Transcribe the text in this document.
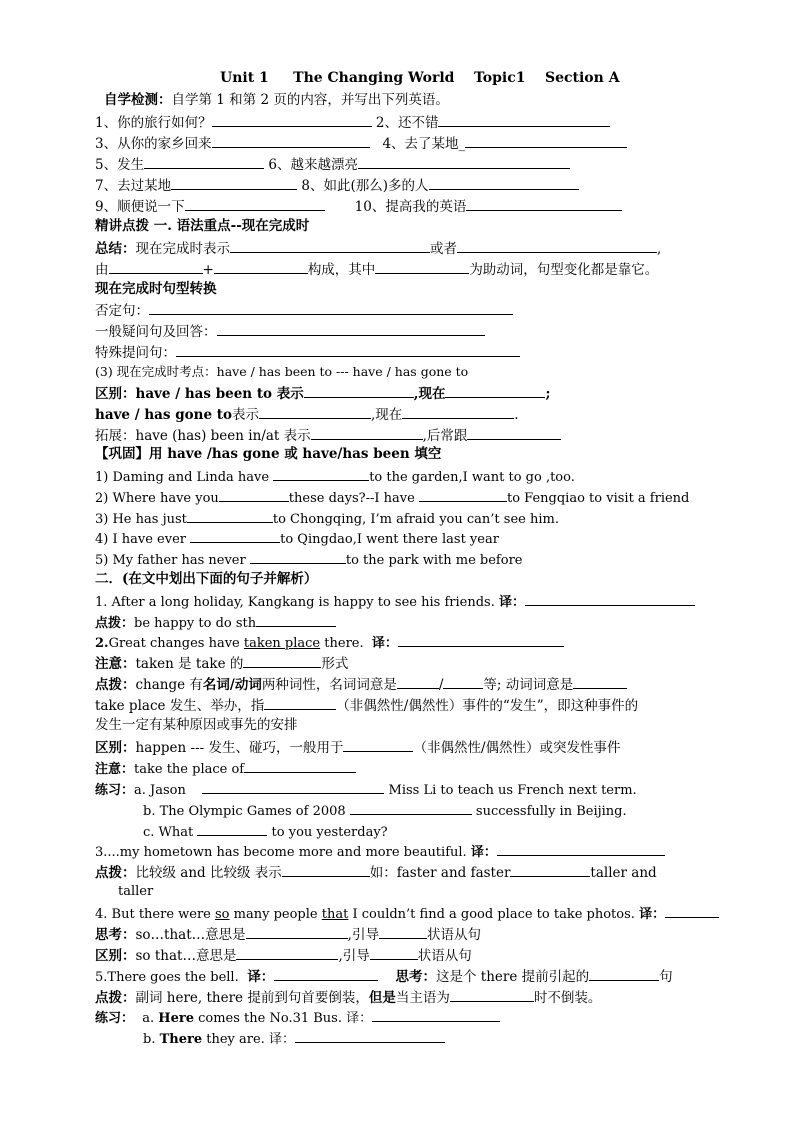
Unit 1     The Changing World    Topic1    Section A
自学检测：自学第 1 和第 2 页的内容，并写出下列英语。
1、你的旅行如何？	2、还不错
3、从你的家乡回来	4、去了某地_
5、发生	6、越来越漂亮
7、去过某地	8、如此(那么)多的人
9、顺便说一下	10、提高我的英语
精讲点拨 一. 语法重点--现在完成时
总结：现在完成时表示	或者	,
由	+	构成，其中	为助动词，句型变化都是靠它。
现在完成时句型转换
否定句：
一般疑问句及回答：
特殊提问句：
(3) 现在完成时考点：have / has been to --- have / has gone to
区别：have / has been to 表示	,现在	;
have / has gone to表示	,现在	.
拓展：have (has) been in/at 表示	,后常跟
【巩固】用 have /has gone 或 have/has been 填空
1) Daming and Linda have	to the garden,I want to go ,too.
2) Where have you	these days?--I have	to Fengqiao to visit a friend
3) He has just	to Chongqing, I’m afraid you can’t see him.
4) I have ever	to Qingdao,I went there last year
5) My father has never	to the park with me before
二．(在文中划出下面的句子并解析）
1. After a long holiday, Kangkang is happy to see his friends. 译：
点拨：be happy to do sth
2.Great changes have taken place there. 译：
注意：taken 是 take 的	形式
点拨：change 有名词/动词两种词性，名词词意是	/	等; 动词词意是
take place 发生、举办，指	（非偶然性/偶然性）事件的“发生”，即这种事件的
发生一定有某种原因或事先的安排
区别：happen --- 发生、碰巧，一般用于	（非偶然性/偶然性）或突发性事件
注意：take the place of
练习：a. Jason	Miss Li to teach us French next term.
b. The Olympic Games of 2008	successfully in Beijing.
c. What	to you yesterday?
3....my hometown has become more and more beautiful. 译：
点拨：比较级 and 比较级 表示	如：faster and faster	taller and
taller
4. But there were so many people that I couldn’t find a good place to take photos. 译：
思考：so…that…意思是	,引导	状语从句
区别：so that…意思是	,引导	状语从句
5.There goes the bell. 译：	思考：这是个 there 提前引起的	句
点拨：副词 here, there 提前到句首要倒装，但是当主语为	时不倒装。
练习： a. Here comes the No.31 Bus. 译：
b. There they are. 译：
